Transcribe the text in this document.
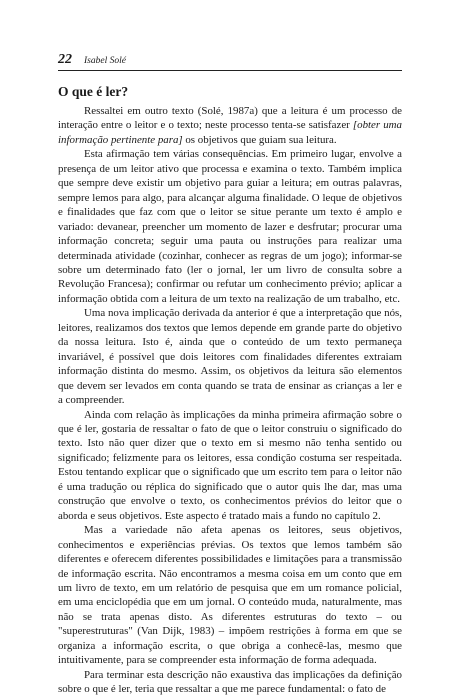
22 Isabel Solé
O que é ler?

Ressaltei em outro texto (Solé, 1987a) que a leitura é um processo de interação entre o leitor e o texto; neste processo tenta-se satisfazer [obter uma informação pertinente para] os objetivos que guiam sua leitura.

Esta afirmação tem várias consequências. Em primeiro lugar, envolve a presença de um leitor ativo que processa e examina o texto. Também implica que sempre deve existir um objetivo para guiar a leitura; em outras palavras, sempre lemos para algo, para alcançar alguma finalidade. O leque de objetivos e finalidades que faz com que o leitor se situe perante um texto é amplo e variado: devanear, preencher um momento de lazer e desfrutar; procurar uma informação concreta; seguir uma pauta ou instruções para realizar uma determinada atividade (cozinhar, conhecer as regras de um jogo); informar-se sobre um determinado fato (ler o jornal, ler um livro de consulta sobre a Revolução Francesa); confirmar ou refutar um conhecimento prévio; aplicar a informação obtida com a leitura de um texto na realização de um trabalho, etc.

Uma nova implicação derivada da anterior é que a interpretação que nós, leitores, realizamos dos textos que lemos depende em grande parte do objetivo da nossa leitura. Isto é, ainda que o conteúdo de um texto permaneça invariável, é possível que dois leitores com finalidades diferentes extraiam informação distinta do mesmo. Assim, os objetivos da leitura são elementos que devem ser levados em conta quando se trata de ensinar as crianças a ler e a compreender.

Ainda com relação às implicações da minha primeira afirmação sobre o que é ler, gostaria de ressaltar o fato de que o leitor construiu o significado do texto. Isto não quer dizer que o texto em si mesmo não tenha sentido ou significado; felizmente para os leitores, essa condição costuma ser respeitada. Estou tentando explicar que o significado que um escrito tem para o leitor não é uma tradução ou réplica do significado que o autor quis lhe dar, mas uma construção que envolve o texto, os conhecimentos prévios do leitor que o aborda e seus objetivos. Este aspecto é tratado mais a fundo no capítulo 2.

Mas a variedade não afeta apenas os leitores, seus objetivos, conhecimentos e experiências prévias. Os textos que lemos também são diferentes e oferecem diferentes possibilidades e limitações para a transmissão de informação escrita. Não encontramos a mesma coisa em um conto que em um livro de texto, em um relatório de pesquisa que em um romance policial, em uma enciclopédia que em um jornal. O conteúdo muda, naturalmente, mas não se trata apenas disto. As diferentes estruturas do texto – ou "superestruturas" (Van Dijk, 1983) – impõem restrições à forma em que se organiza a informação escrita, o que obriga a conhecê-las, mesmo que intuitivamente, para se compreender esta informação de forma adequada.

Para terminar esta descrição não exaustiva das implicações da definição sobre o que é ler, teria que ressaltar a que me parece fundamental: o fato de
